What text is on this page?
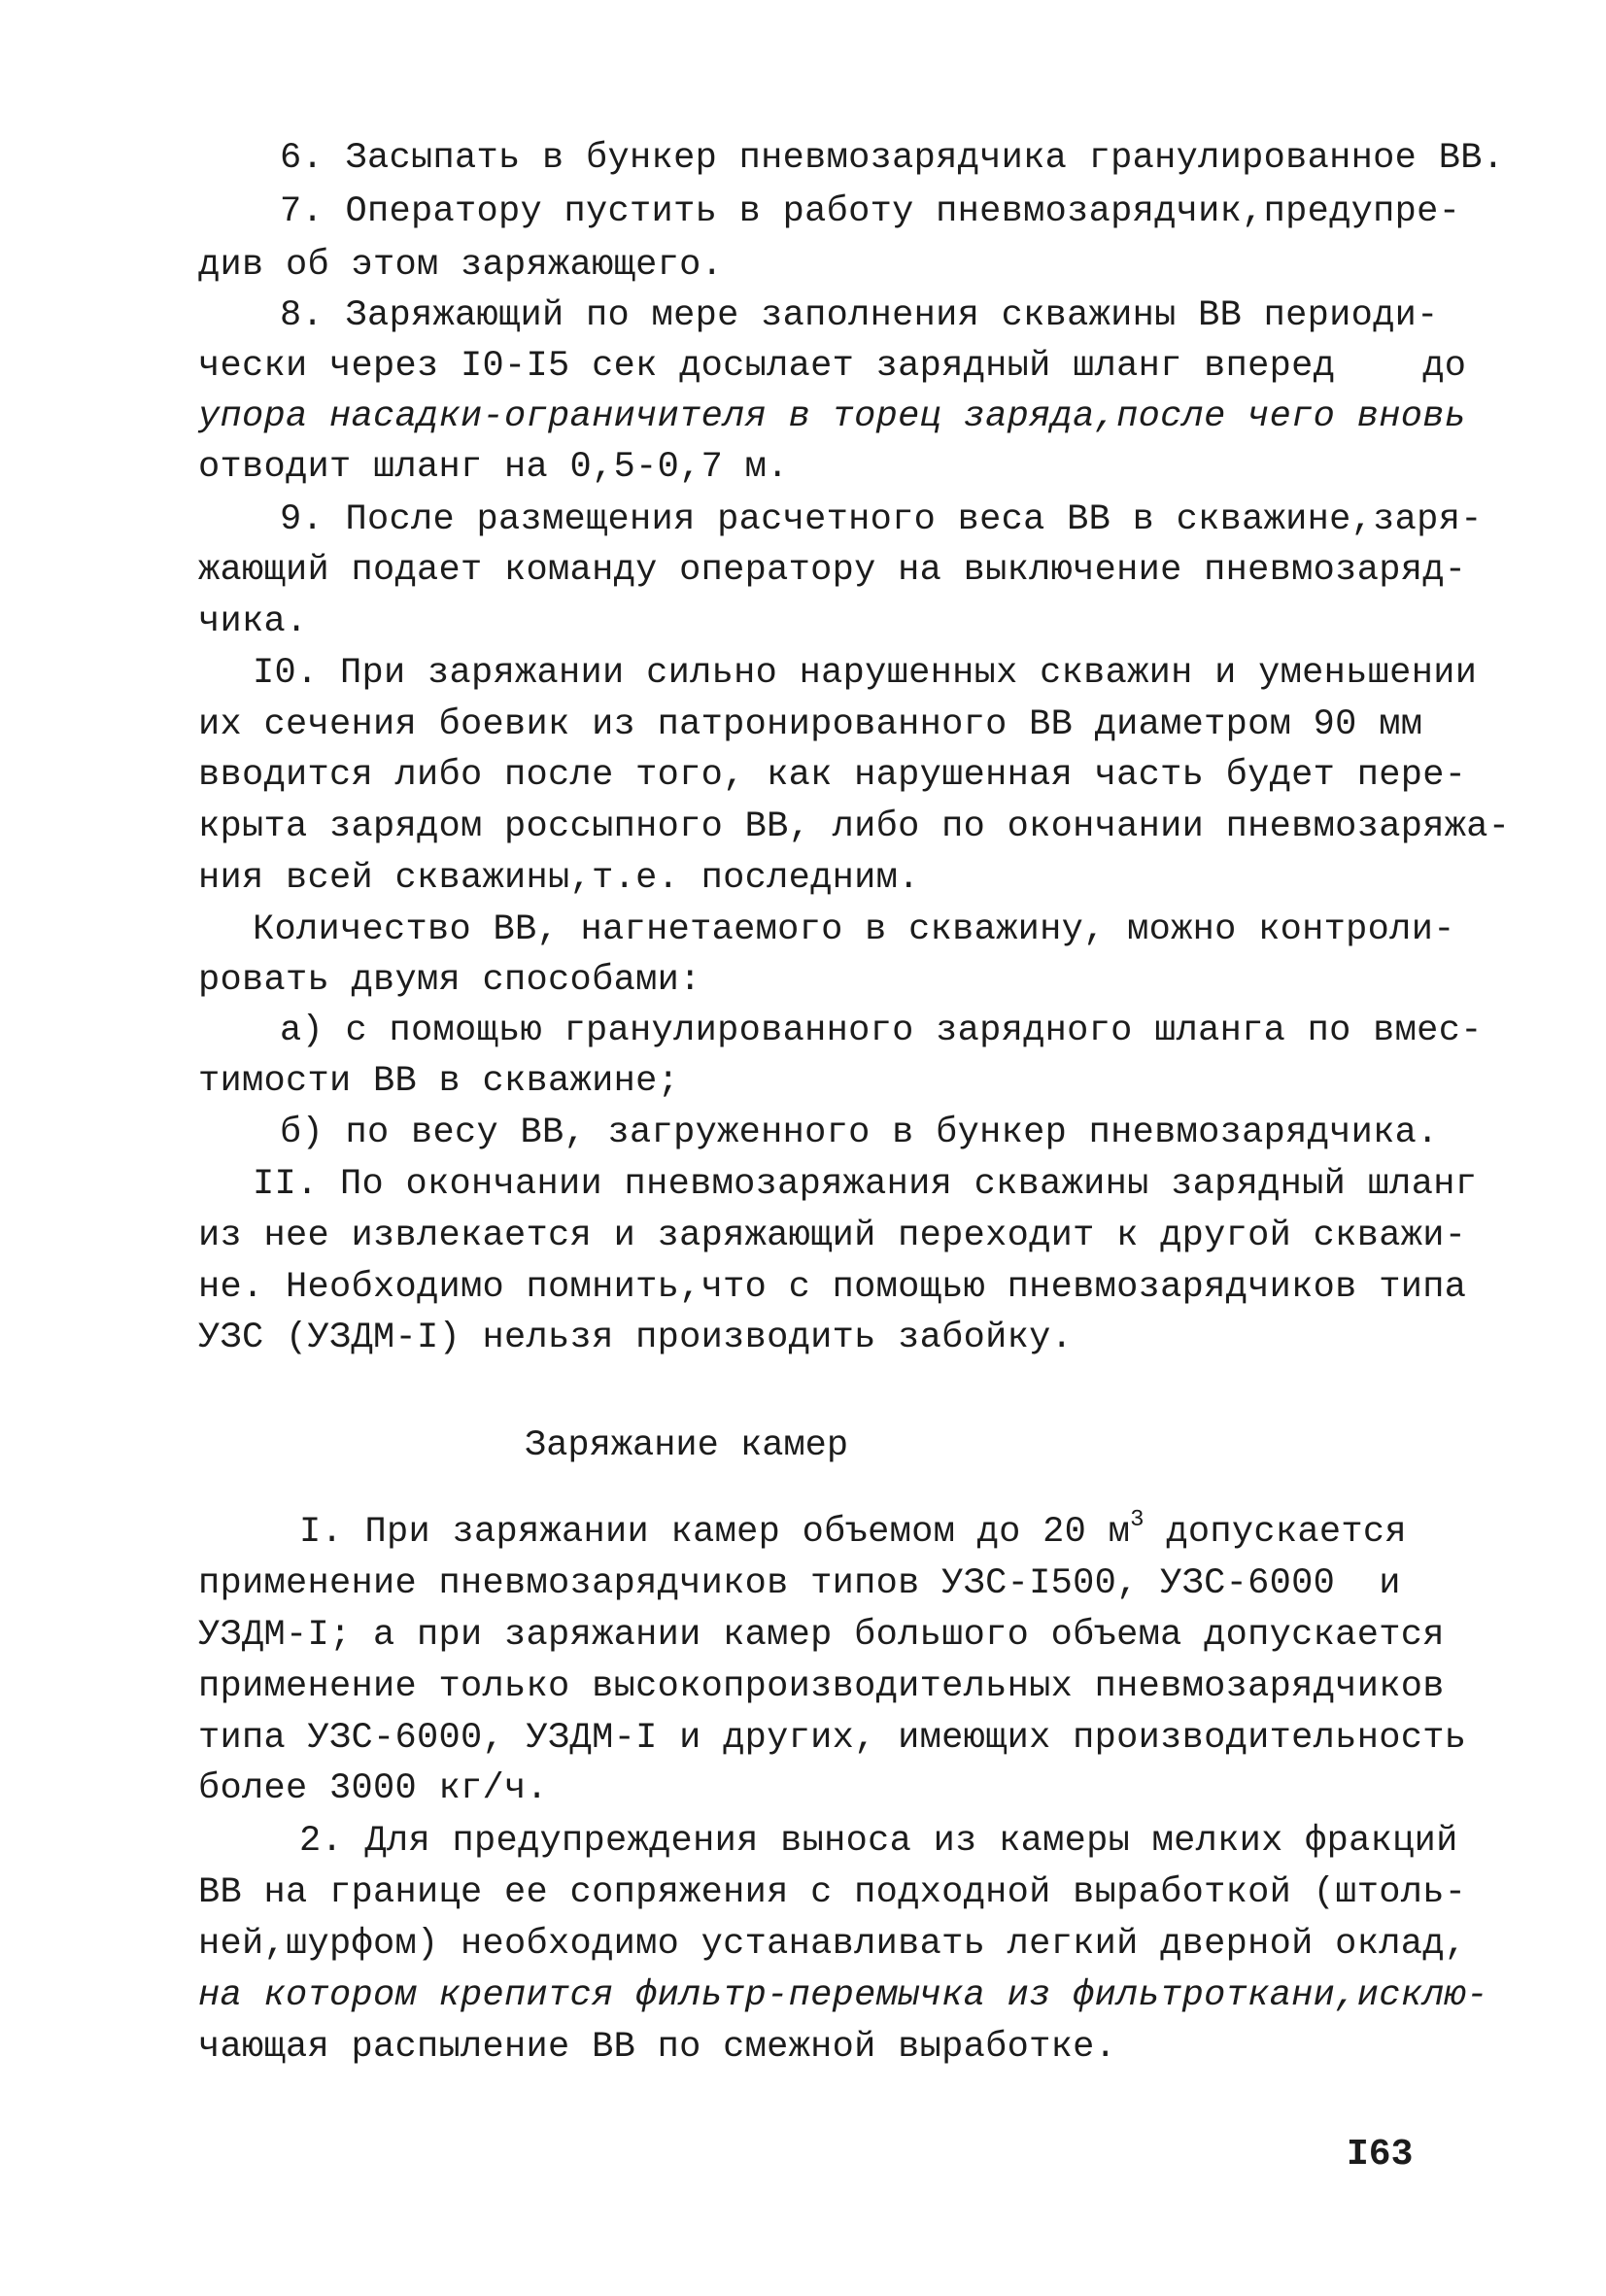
6. Засыпать в бункер пневмозарядчика гранулированное ВВ.
7. Оператору пустить в работу пневмозарядчик,предупре-
див об этом заряжающего.
8. Заряжающий по мере заполнения скважины ВВ периоди-
чески через I0-I5 сек досылает зарядный шланг вперед    до
упора насадки-ограничителя в торец заряда,после чего вновь
отводит шланг на 0,5-0,7 м.
9. После размещения расчетного веса ВВ в скважине,заря-
жающий подает команду оператору на выключение пневмозаряд-
чика.
I0. При заряжании сильно нарушенных скважин и уменьшении
их сечения боевик из патронированного ВВ диаметром 90 мм
вводится либо после того, как нарушенная часть будет пере-
крыта зарядом россыпного ВВ, либо по окончании пневмозаряжа-
ния всей скважины,т.е. последним.
Количество ВВ, нагнетаемого в скважину, можно контроли-
ровать двумя способами:
а) с помощью гранулированного зарядного шланга по вмес-
тимости ВВ в скважине;
б) по весу ВВ, загруженного в бункер пневмозарядчика.
II. По окончании пневмозаряжания скважины зарядный шланг
из нее извлекается и заряжающий переходит к другой скважи-
не. Необходимо помнить,что с помощью пневмозарядчиков типа
УЗС (УЗДМ-I) нельзя производить забойку.
Заряжание камер
I. При заряжании камер объемом до 20 $м^3$ допускается
применение пневмозарядчиков типов УЗС-I500, УЗС-6000  и
УЗДМ-I; а при заряжании камер большого объема допускается
применение только высокопроизводительных пневмозарядчиков
типа УЗС-6000, УЗДМ-I и других, имеющих производительность
более 3000 кг/ч.
2. Для предупреждения выноса из камеры мелких фракций
ВВ на границе ее сопряжения с подходной выработкой (штоль-
ней,шурфом) необходимо устанавливать легкий дверной оклад,
на котором крепится фильтр-перемычка из фильтроткани,исклю-
чающая распыление ВВ по смежной выработке.
I63
